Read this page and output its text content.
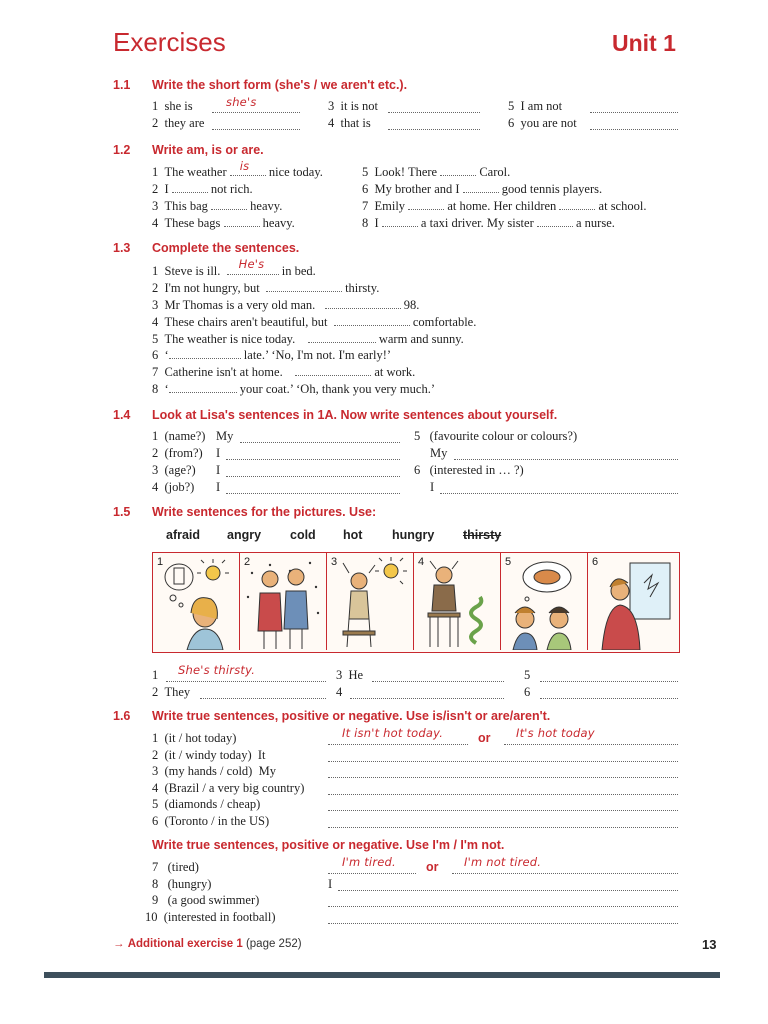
Exercises	Unit 1
1.1 Write the short form (she's / we aren't etc.).
1 she is	she's
2 they are
3 it is not
4 that is
5 I am not
6 you are not
1.2 Write am, is or are.
1 The weather is nice today.
2 I	not rich.
3 This bag	heavy.
4 These bags	heavy.
5 Look! There	Carol.
6 My brother and I	good tennis players.
7 Emily	at home. Her children	at school.
8 I	a taxi driver. My sister	a nurse.
1.3 Complete the sentences.
1 Steve is ill. He's in bed.
2 I'm not hungry, but	thirsty.
3 Mr Thomas is a very old man.	98.
4 These chairs aren't beautiful, but	comfortable.
5 The weather is nice today.	warm and sunny.
6 ‘	late.’ ‘No, I'm not. I'm early!’
7 Catherine isn't at home.	at work.
8 ‘	your coat.’ ‘Oh, thank you very much.’
1.4 Look at Lisa's sentences in 1A. Now write sentences about yourself.
1 (name?) My
2 (from?) I
3 (age?) I
4 (job?) I
5 (favourite colour or colours?)
My
6 (interested in … ?)
I
1.5 Write sentences for the pictures. Use:
afraid angry cold hot hungry thirsty
1	2	3	4	5	6
1 She's thirsty.
2 They
3 He
4
5
6
1.6 Write true sentences, positive or negative. Use is/isn't or are/aren't.
1 (it / hot today)	It isn't hot today.	or It's hot today
2 (it / windy today) It
3 (my hands / cold) My
4 (Brazil / a very big country)
5 (diamonds / cheap)
6 (Toronto / in the US)
Write true sentences, positive or negative. Use I'm / I'm not.
7 (tired)	I'm tired. or I'm not tired.
8 (hungry)	I
9 (a good swimmer)
10 (interested in football)
→ Additional exercise 1 (page 252)	13
